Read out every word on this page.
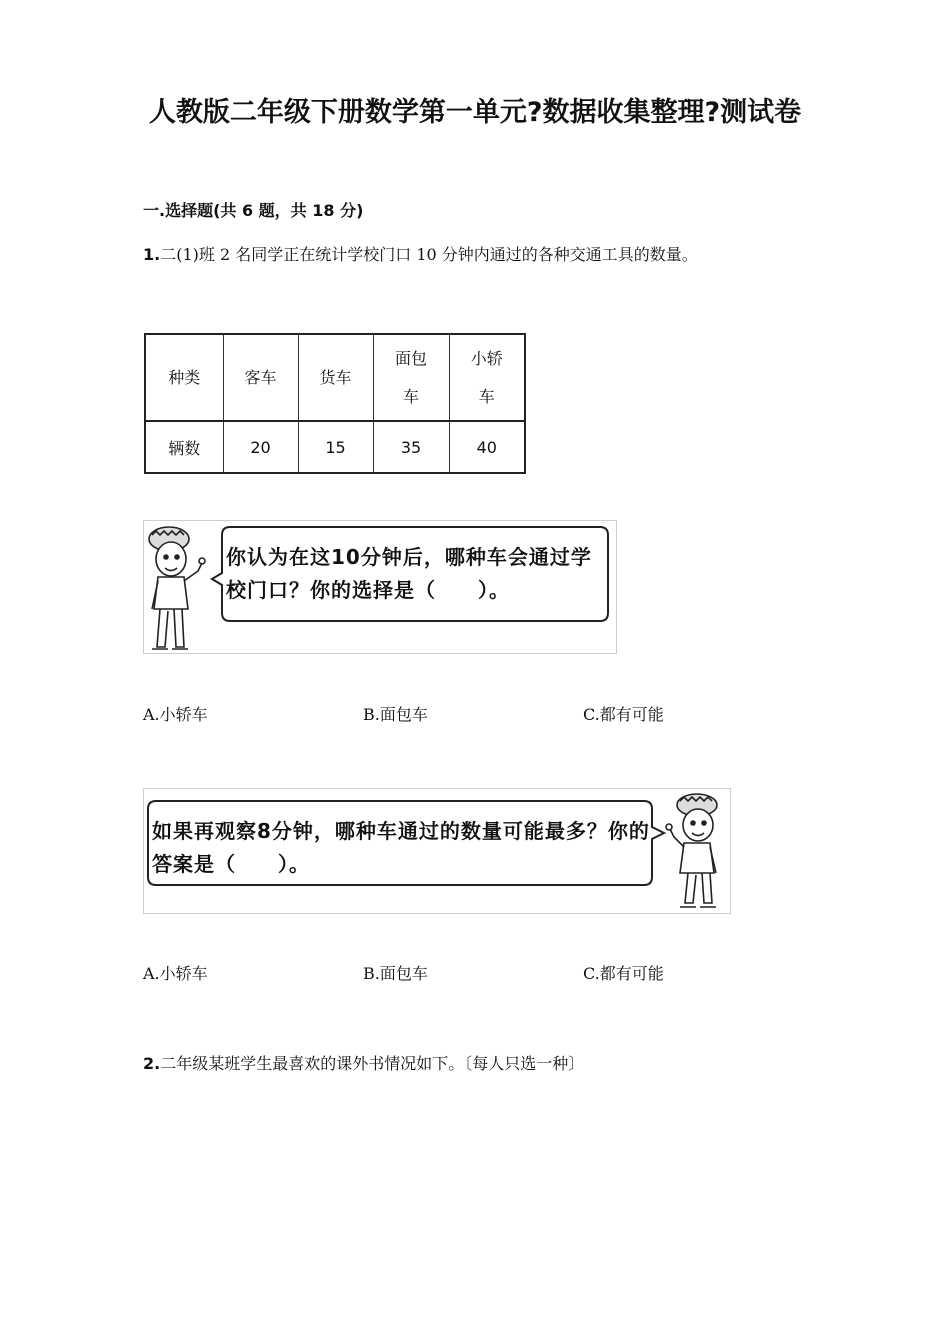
人教版二年级下册数学第一单元?数据收集整理?测试卷
一.选择题(共 6 题，共 18 分)
1.二(1)班 2 名同学正在统计学校门口 10 分钟内通过的各种交通工具的数量。
种类	客车	货车	面包车	小轿车
辆数	20	15	35	40
你认为在这10分钟后，哪种车会通过学校门口？你的选择是（　　）。
A.小轿车	B.面包车	C.都有可能
如果再观察8分钟，哪种车通过的数量可能最多？你的答案是（　　）。
A.小轿车	B.面包车	C.都有可能
2.二年级某班学生最喜欢的课外书情况如下。〔每人只选一种〕
